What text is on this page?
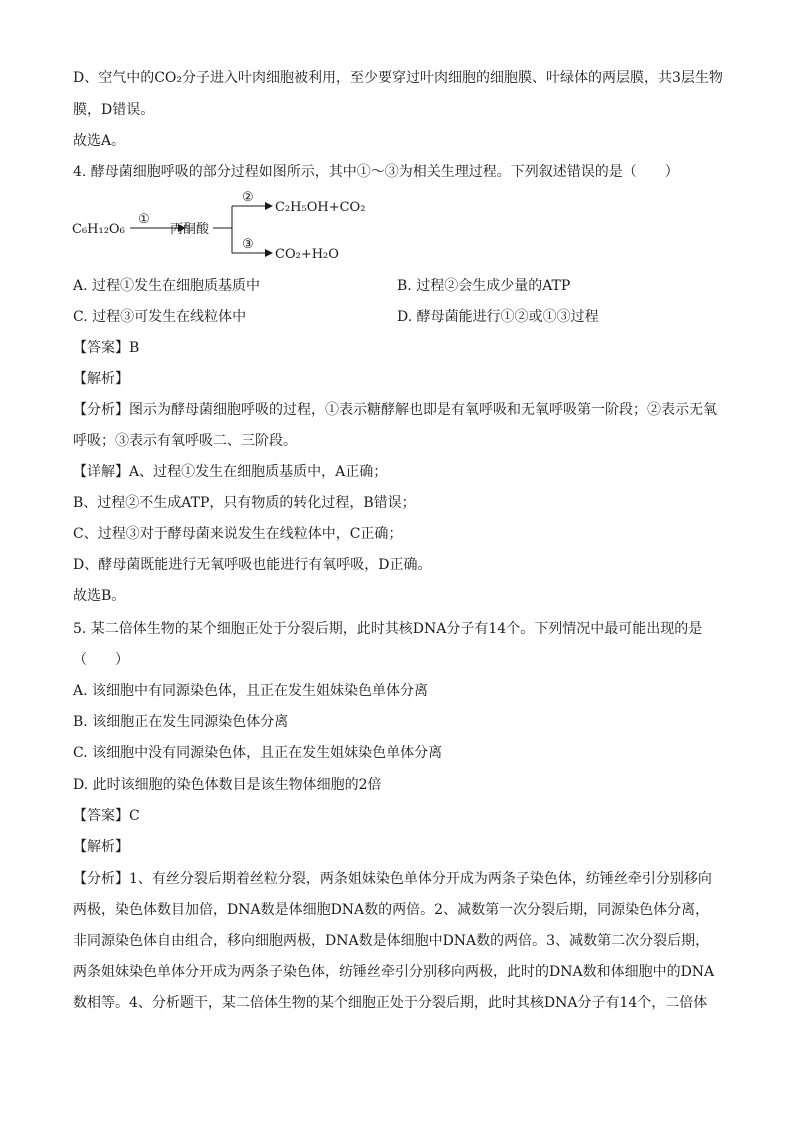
D、空气中的CO₂分子进入叶肉细胞被利用，至少要穿过叶肉细胞的细胞膜、叶绿体的两层膜，共3层生物
膜，D错误。
故选A。
4. 酵母菌细胞呼吸的部分过程如图所示，其中①～③为相关生理过程。下列叙述错误的是（　　）
C₆H₁₂O₆
①
丙酮酸
②
C₂H₅OH+CO₂
③
CO₂+H₂O
A. 过程①发生在细胞质基质中	B. 过程②会生成少量的ATP
C. 过程③可发生在线粒体中	D. 酵母菌能进行①②或①③过程
【答案】B
【解析】
【分析】图示为酵母菌细胞呼吸的过程，①表示糖酵解也即是有氧呼吸和无氧呼吸第一阶段；②表示无氧
呼吸；③表示有氧呼吸二、三阶段。
【详解】A、过程①发生在细胞质基质中，A正确；
B、过程②不生成ATP，只有物质的转化过程，B错误；
C、过程③对于酵母菌来说发生在线粒体中，C正确；
D、酵母菌既能进行无氧呼吸也能进行有氧呼吸，D正确。
故选B。
5. 某二倍体生物的某个细胞正处于分裂后期，此时其核DNA分子有14个。下列情况中最可能出现的是
（　　）
A. 该细胞中有同源染色体，且正在发生姐妹染色单体分离
B. 该细胞正在发生同源染色体分离
C. 该细胞中没有同源染色体，且正在发生姐妹染色单体分离
D. 此时该细胞的染色体数目是该生物体细胞的2倍
【答案】C
【解析】
【分析】1、有丝分裂后期着丝粒分裂，两条姐妹染色单体分开成为两条子染色体，纺锤丝牵引分别移向
两极，染色体数目加倍，DNA数是体细胞DNA数的两倍。2、减数第一次分裂后期，同源染色体分离，
非同源染色体自由组合，移向细胞两极，DNA数是体细胞中DNA数的两倍。3、减数第二次分裂后期，
两条姐妹染色单体分开成为两条子染色体，纺锤丝牵引分别移向两极，此时的DNA数和体细胞中的DNA
数相等。4、分析题干，某二倍体生物的某个细胞正处于分裂后期，此时其核DNA分子有14个，二倍体
